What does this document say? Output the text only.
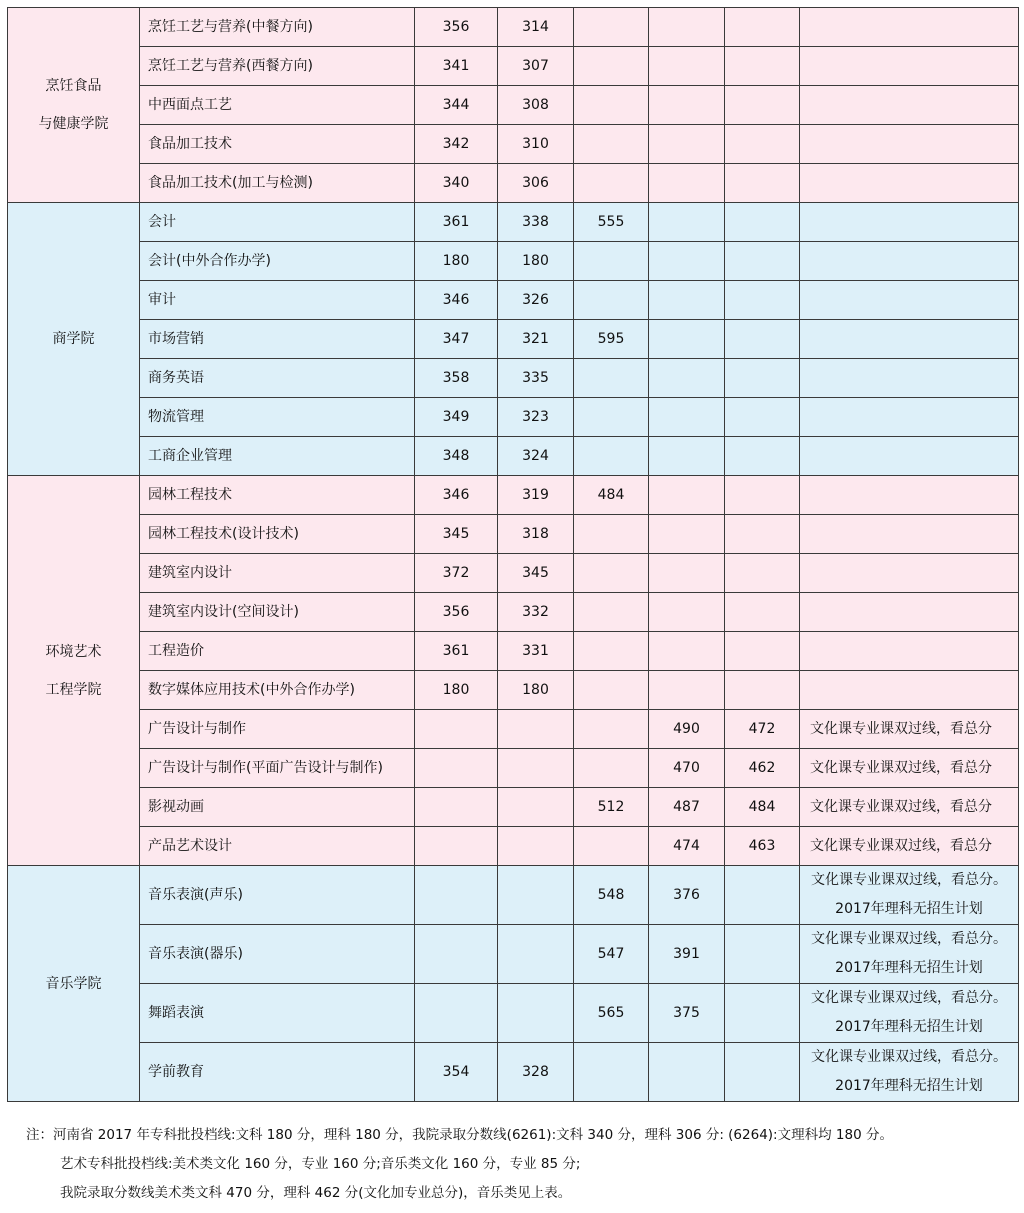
烹饪食品
与健康学院	烹饪工艺与营养(中餐方向)	356	314				
	烹饪工艺与营养(西餐方向)	341	307				
	中西面点工艺	344	308				
	食品加工技术	342	310				
	食品加工技术(加工与检测)	340	306				

商学院	会计	361	338	555			
	会计(中外合作办学)	180	180				
	审计	346	326				
	市场营销	347	321	595			
	商务英语	358	335				
	物流管理	349	323				
	工商企业管理	348	324				

环境艺术
工程学院	园林工程技术	346	319	484			
	园林工程技术(设计技术)	345	318				
	建筑室内设计	372	345				
	建筑室内设计(空间设计)	356	332				
	工程造价	361	331				
	数字媒体应用技术(中外合作办学)	180	180				
	广告设计与制作				490	472	文化课专业课双过线，看总分
	广告设计与制作(平面广告设计与制作)				470	462	文化课专业课双过线，看总分
	影视动画			512	487	484	文化课专业课双过线，看总分
	产品艺术设计				474	463	文化课专业课双过线，看总分

音乐学院	音乐表演(声乐)			548	376		文化课专业课双过线，看总分。2017年理科无招生计划
	音乐表演(器乐)			547	391		文化课专业课双过线，看总分。2017年理科无招生计划
	舞蹈表演			565	375		文化课专业课双过线，看总分。2017年理科无招生计划
	学前教育	354	328				文化课专业课双过线，看总分。2017年理科无招生计划
注：河南省 2017 年专科批投档线:文科 180 分，理科 180 分，我院录取分数线(6261):文科 340 分，理科 306 分: (6264):文理科均 180 分。
艺术专科批投档线:美术类文化 160 分，专业 160 分;音乐类文化 160 分，专业 85 分;
我院录取分数线美术类文科 470 分，理科 462 分(文化加专业总分)，音乐类见上表。
